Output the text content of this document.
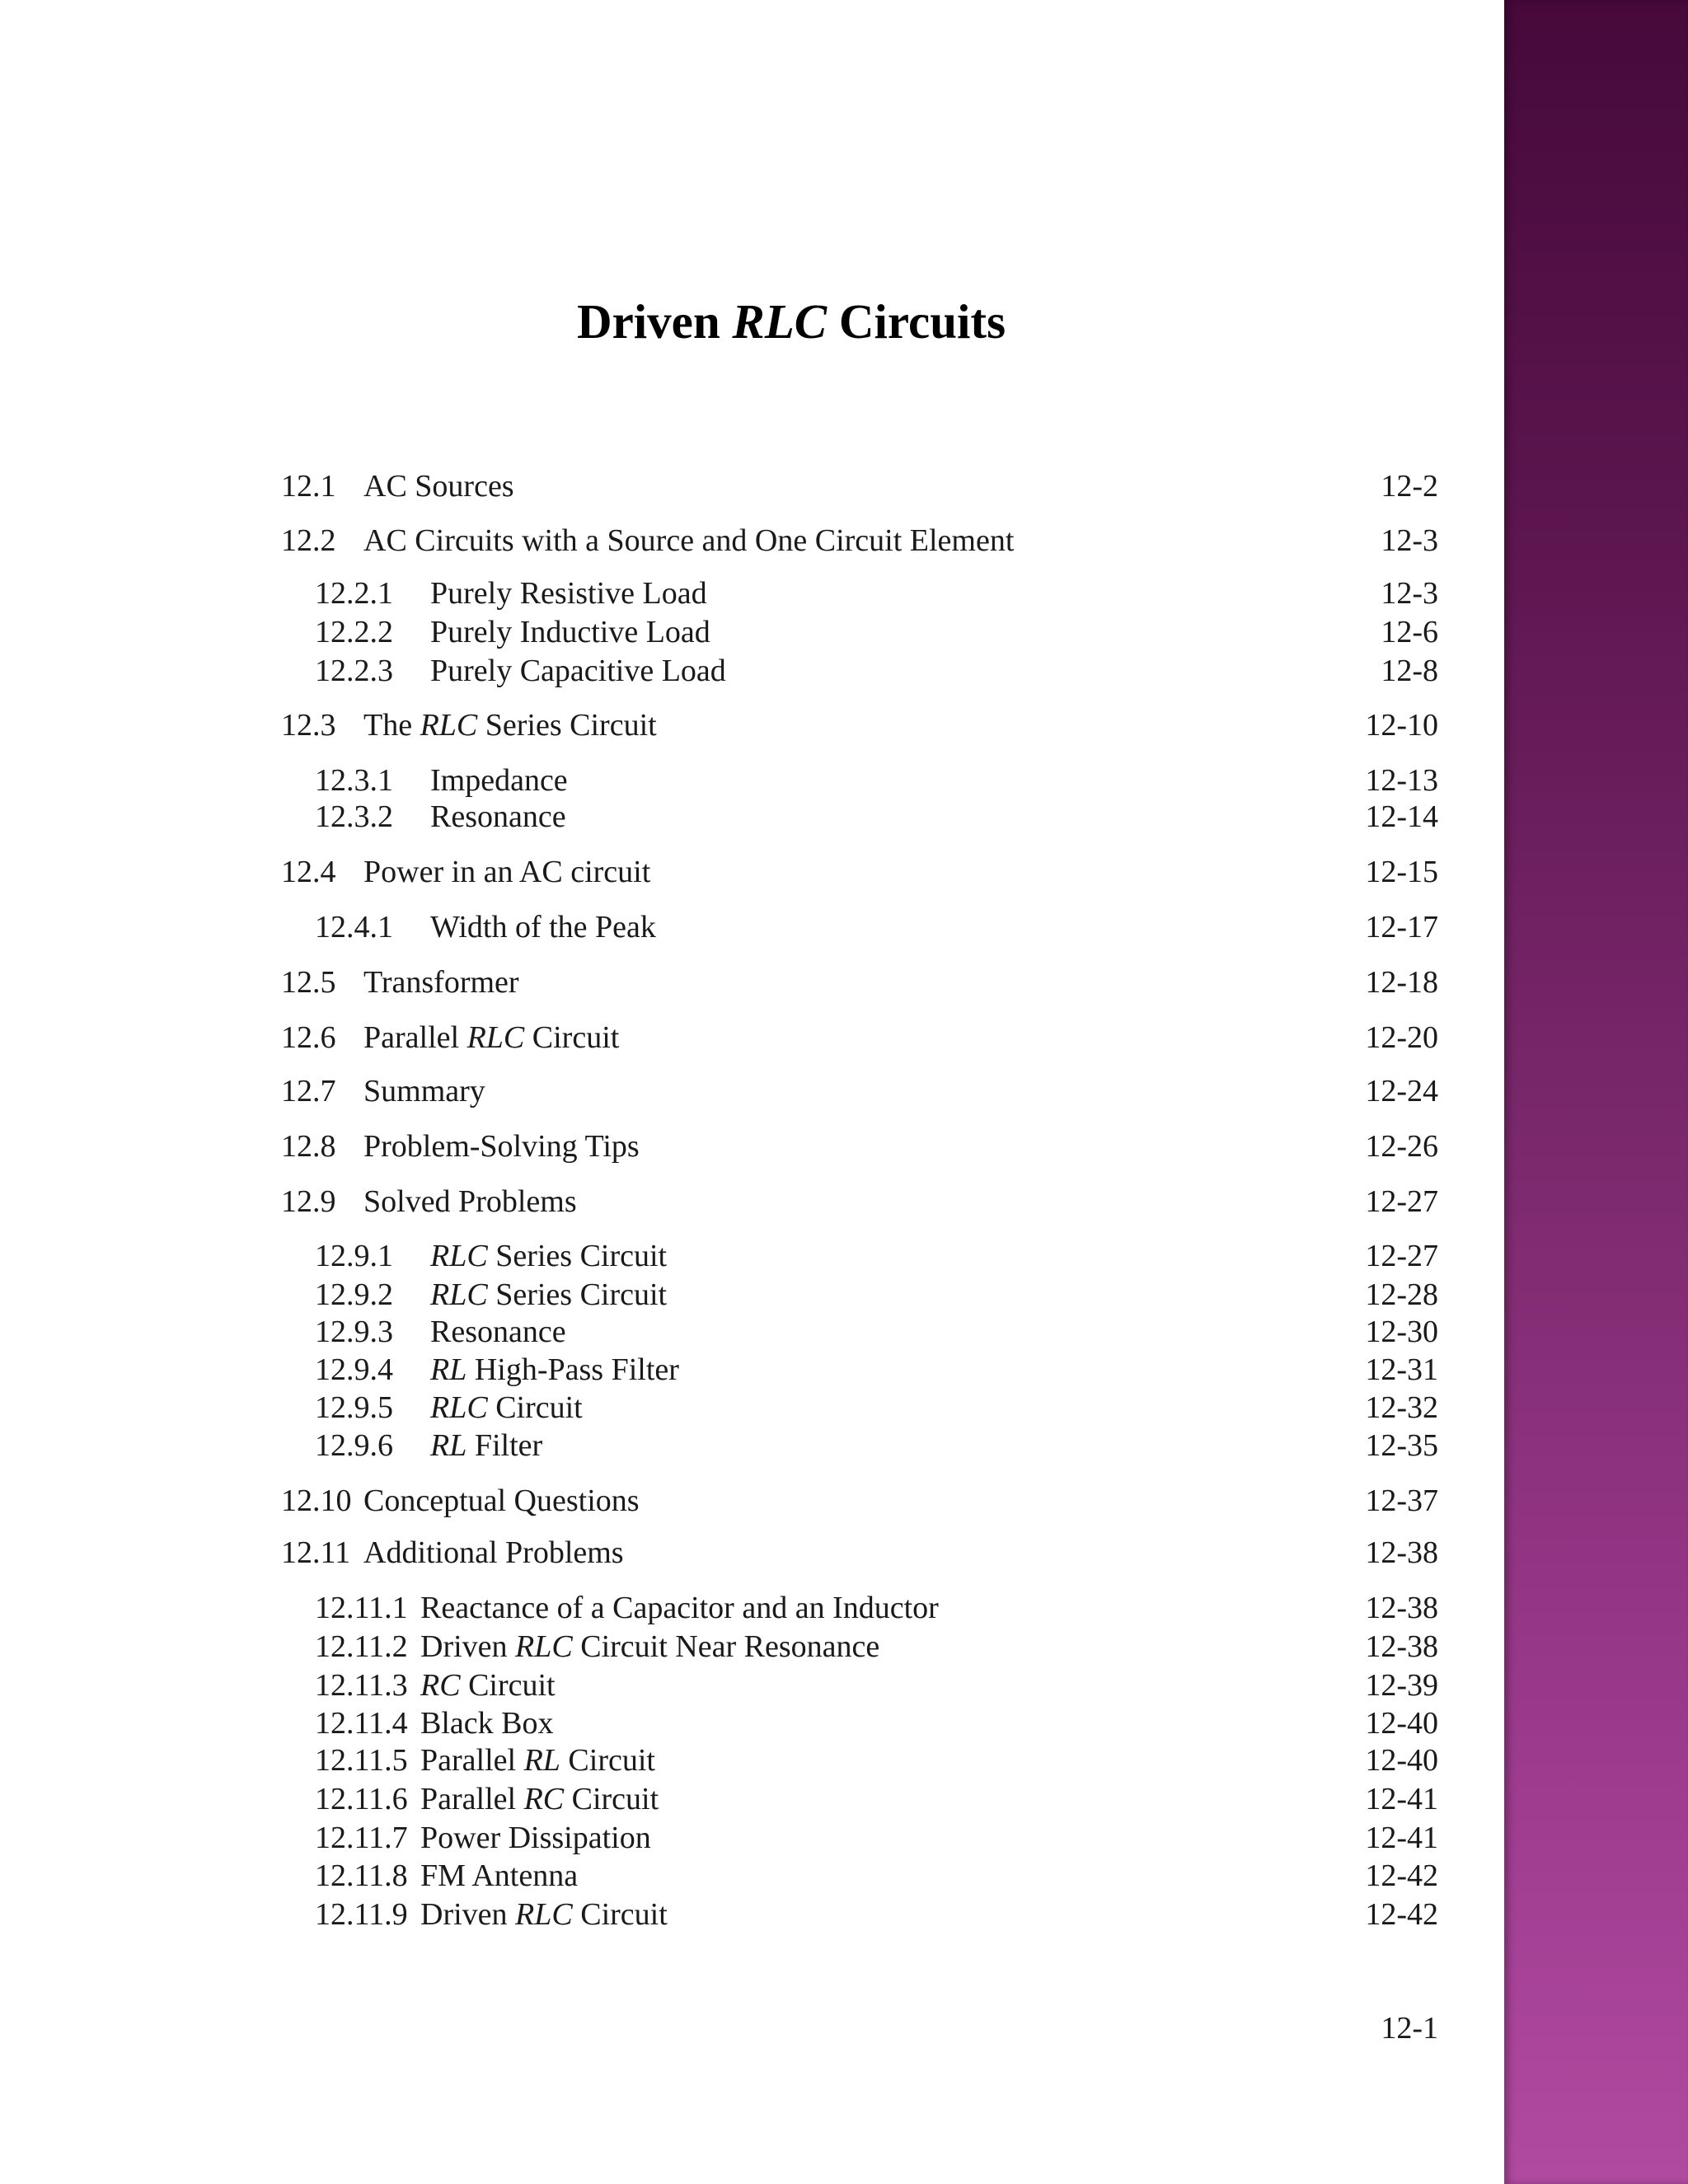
Driven RLC Circuits
12.1 AC Sources	12-2
12.2 AC Circuits with a Source and One Circuit Element	12-3
12.2.1 Purely Resistive Load	12-3
12.2.2 Purely Inductive Load	12-6
12.2.3 Purely Capacitive Load	12-8
12.3 The RLC Series Circuit	12-10
12.3.1 Impedance	12-13
12.3.2 Resonance	12-14
12.4 Power in an AC circuit	12-15
12.4.1 Width of the Peak	12-17
12.5 Transformer	12-18
12.6 Parallel RLC Circuit	12-20
12.7 Summary	12-24
12.8 Problem-Solving Tips	12-26
12.9 Solved Problems	12-27
12.9.1 RLC Series Circuit	12-27
12.9.2 RLC Series Circuit	12-28
12.9.3 Resonance	12-30
12.9.4 RL High-Pass Filter	12-31
12.9.5 RLC Circuit	12-32
12.9.6 RL Filter	12-35
12.10 Conceptual Questions	12-37
12.11 Additional Problems	12-38
12.11.1 Reactance of a Capacitor and an Inductor	12-38
12.11.2 Driven RLC Circuit Near Resonance	12-38
12.11.3 RC Circuit	12-39
12.11.4 Black Box	12-40
12.11.5 Parallel RL Circuit	12-40
12.11.6 Parallel RC Circuit	12-41
12.11.7 Power Dissipation	12-41
12.11.8 FM Antenna	12-42
12.11.9 Driven RLC Circuit	12-42
12-1
